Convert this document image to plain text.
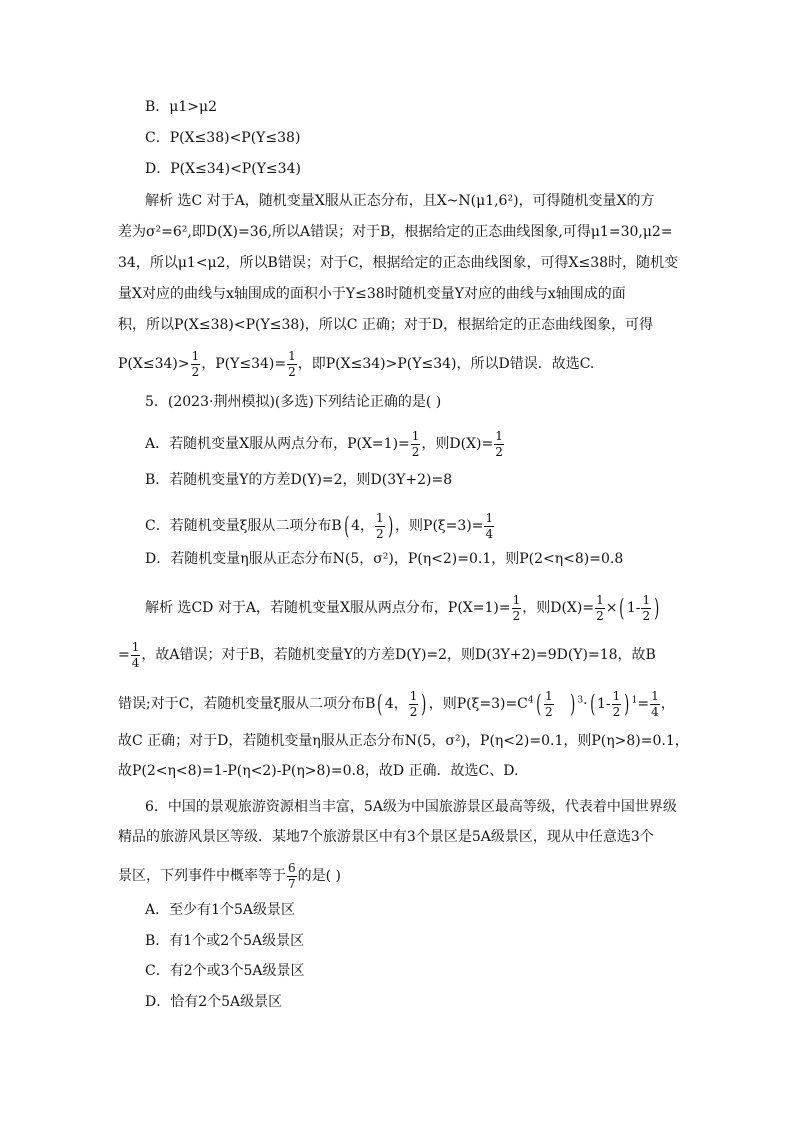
B．μ1>μ2
C．P(X≤38)<P(Y≤38)
D．P(X≤34)<P(Y≤34)
解析 选C 对于A，随机变量X服从正态分布，且X~N(μ1,6²)，可得随机变量X的方
差为σ²=6²,即D(X)=36,所以A错误；对于B，根据给定的正态曲线图象,可得μ1=30,μ2=
34，所以μ1<μ2，所以B错误；对于C，根据给定的正态曲线图象，可得X≤38时，随机变
量X对应的曲线与x轴围成的面积小于Y≤38时随机变量Y对应的曲线与x轴围成的面
积，所以P(X≤38)<P(Y≤38)，所以C 正确；对于D，根据给定的正态曲线图象，可得
$P(X\le 34)> \frac{1}{2}$ ，$P(Y\le 34)= \frac{1}{2}$ ，即P(X≤34)>P(Y≤34)，所以D错误．故选C.
5．(2023·荆州模拟)(多选)下列结论正确的是( )
A．若随机变量X服从两点分布，$P(X=1)= \frac{1}{2}$ ，则$D(X)= \frac{1}{2}$
B．若随机变量Y的方差D(Y)=2，则D(3Y+2)=8
C．若随机变量ξ服从二项分布B( 4， $\frac{1}{2}$ ) ，则$P(\xi=3)= \frac{1}{4}$
D．若随机变量η服从正态分布N(5，σ²)，P(η<2)=0.1，则P(2<η<8)=0.8
解析 选CD 对于A，若随机变量X服从两点分布，$P(X=1)= \frac{1}{2}$ ，则$D(X)= \frac{1}{2}$ ×( $1- \frac{1}{2}$ )
= $\frac{1}{4}$ ，故A错误；对于B，若随机变量Y的方差D(Y)=2，则D(3Y+2)=9D(Y)=18，故B
错误;对于C，若随机变量ξ服从二项分布B( 4， $\frac{1}{2}$ ) ，则$P(\xi=3)=C^4( \frac{1}{2}$ ) $^3$·( $1- \frac{1}{2}$ ) $^1= \frac{1}{4}$ ，
故C 正确；对于D，若随机变量η服从正态分布N(5，σ²)，P(η<2)=0.1，则P(η>8)=0.1，
故P(2<η<8)=1-P(η<2)-P(η>8)=0.8，故D 正确．故选C、D.
6．中国的景观旅游资源相当丰富，5A级为中国旅游景区最高等级，代表着中国世界级
精品的旅游风景区等级．某地7个旅游景区中有3个景区是5A级景区，现从中任意选3个
景区，下列事件中概率等于 $\frac{6}{7}$ 的是( )
A．至少有1个5A级景区
B．有1个或2个5A级景区
C．有2个或3个5A级景区
D．恰有2个5A级景区
